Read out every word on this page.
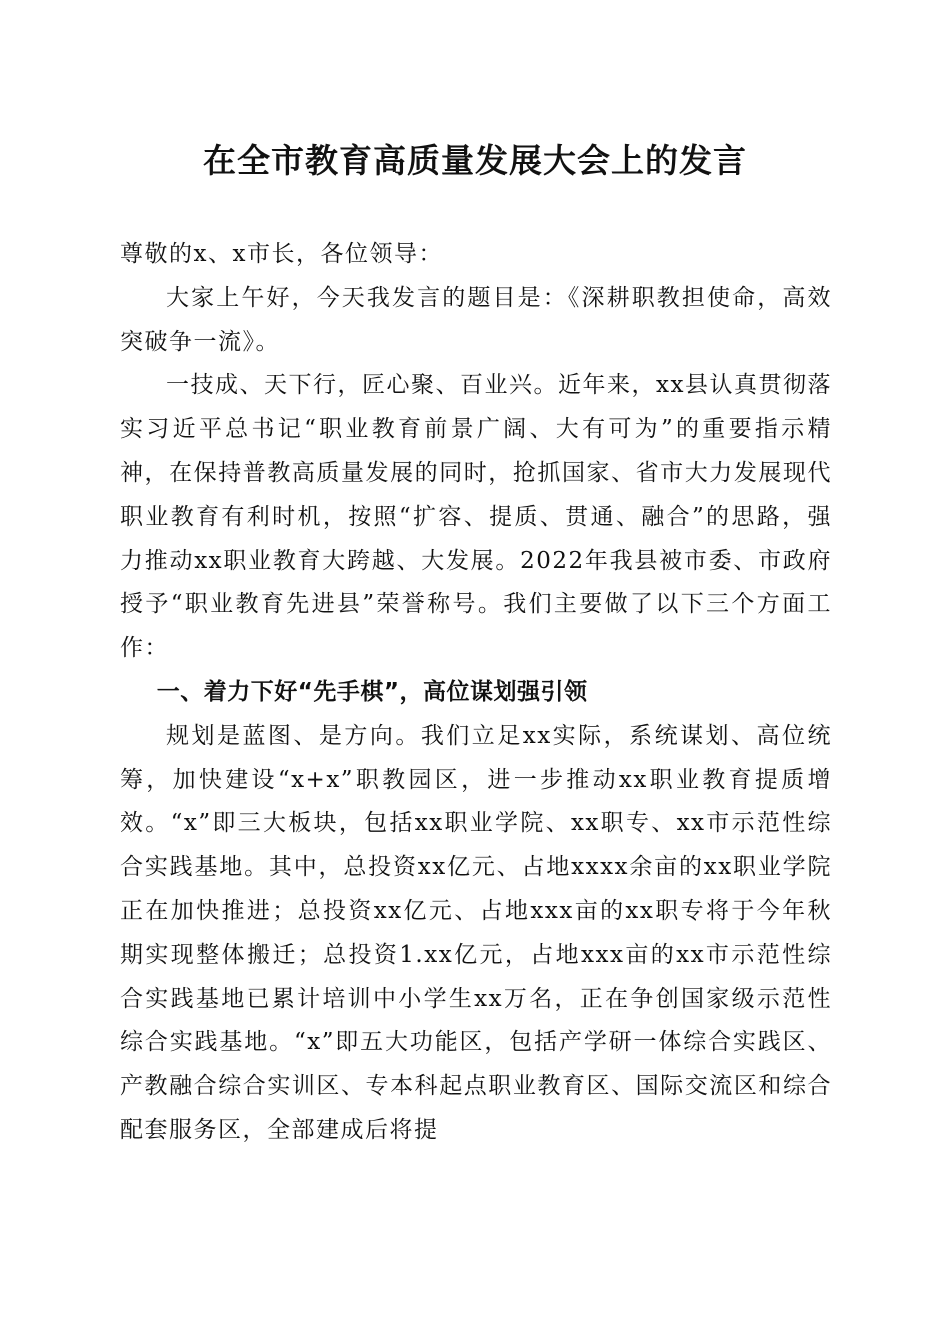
在全市教育高质量发展大会上的发言

尊敬的x、x市长，各位领导：

大家上午好，今天我发言的题目是：《深耕职教担使命，高效突破争一流》。

一技成、天下行，匠心聚、百业兴。近年来，xx县认真贯彻落实习近平总书记“职业教育前景广阔、大有可为”的重要指示精神，在保持普教高质量发展的同时，抢抓国家、省市大力发展现代职业教育有利时机，按照“扩容、提质、贯通、融合”的思路，强力推动xx职业教育大跨越、大发展。2022年我县被市委、市政府授予“职业教育先进县”荣誉称号。我们主要做了以下三个方面工作：

一、着力下好“先手棋”，高位谋划强引领

规划是蓝图、是方向。我们立足xx实际，系统谋划、高位统筹，加快建设“x+x”职教园区，进一步推动xx职业教育提质增效。“x”即三大板块，包括xx职业学院、xx职专、xx市示范性综合实践基地。其中，总投资xx亿元、占地xxxx余亩的xx职业学院正在加快推进；总投资xx亿元、占地xxx亩的xx职专将于今年秋期实现整体搬迁；总投资1.xx亿元，占地xxx亩的xx市示范性综合实践基地已累计培训中小学生xx万名，正在争创国家级示范性综合实践基地。“x”即五大功能区，包括产学研一体综合实践区、产教融合综合实训区、专本科起点职业教育区、国际交流区和综合配套服务区，全部建成后将提
